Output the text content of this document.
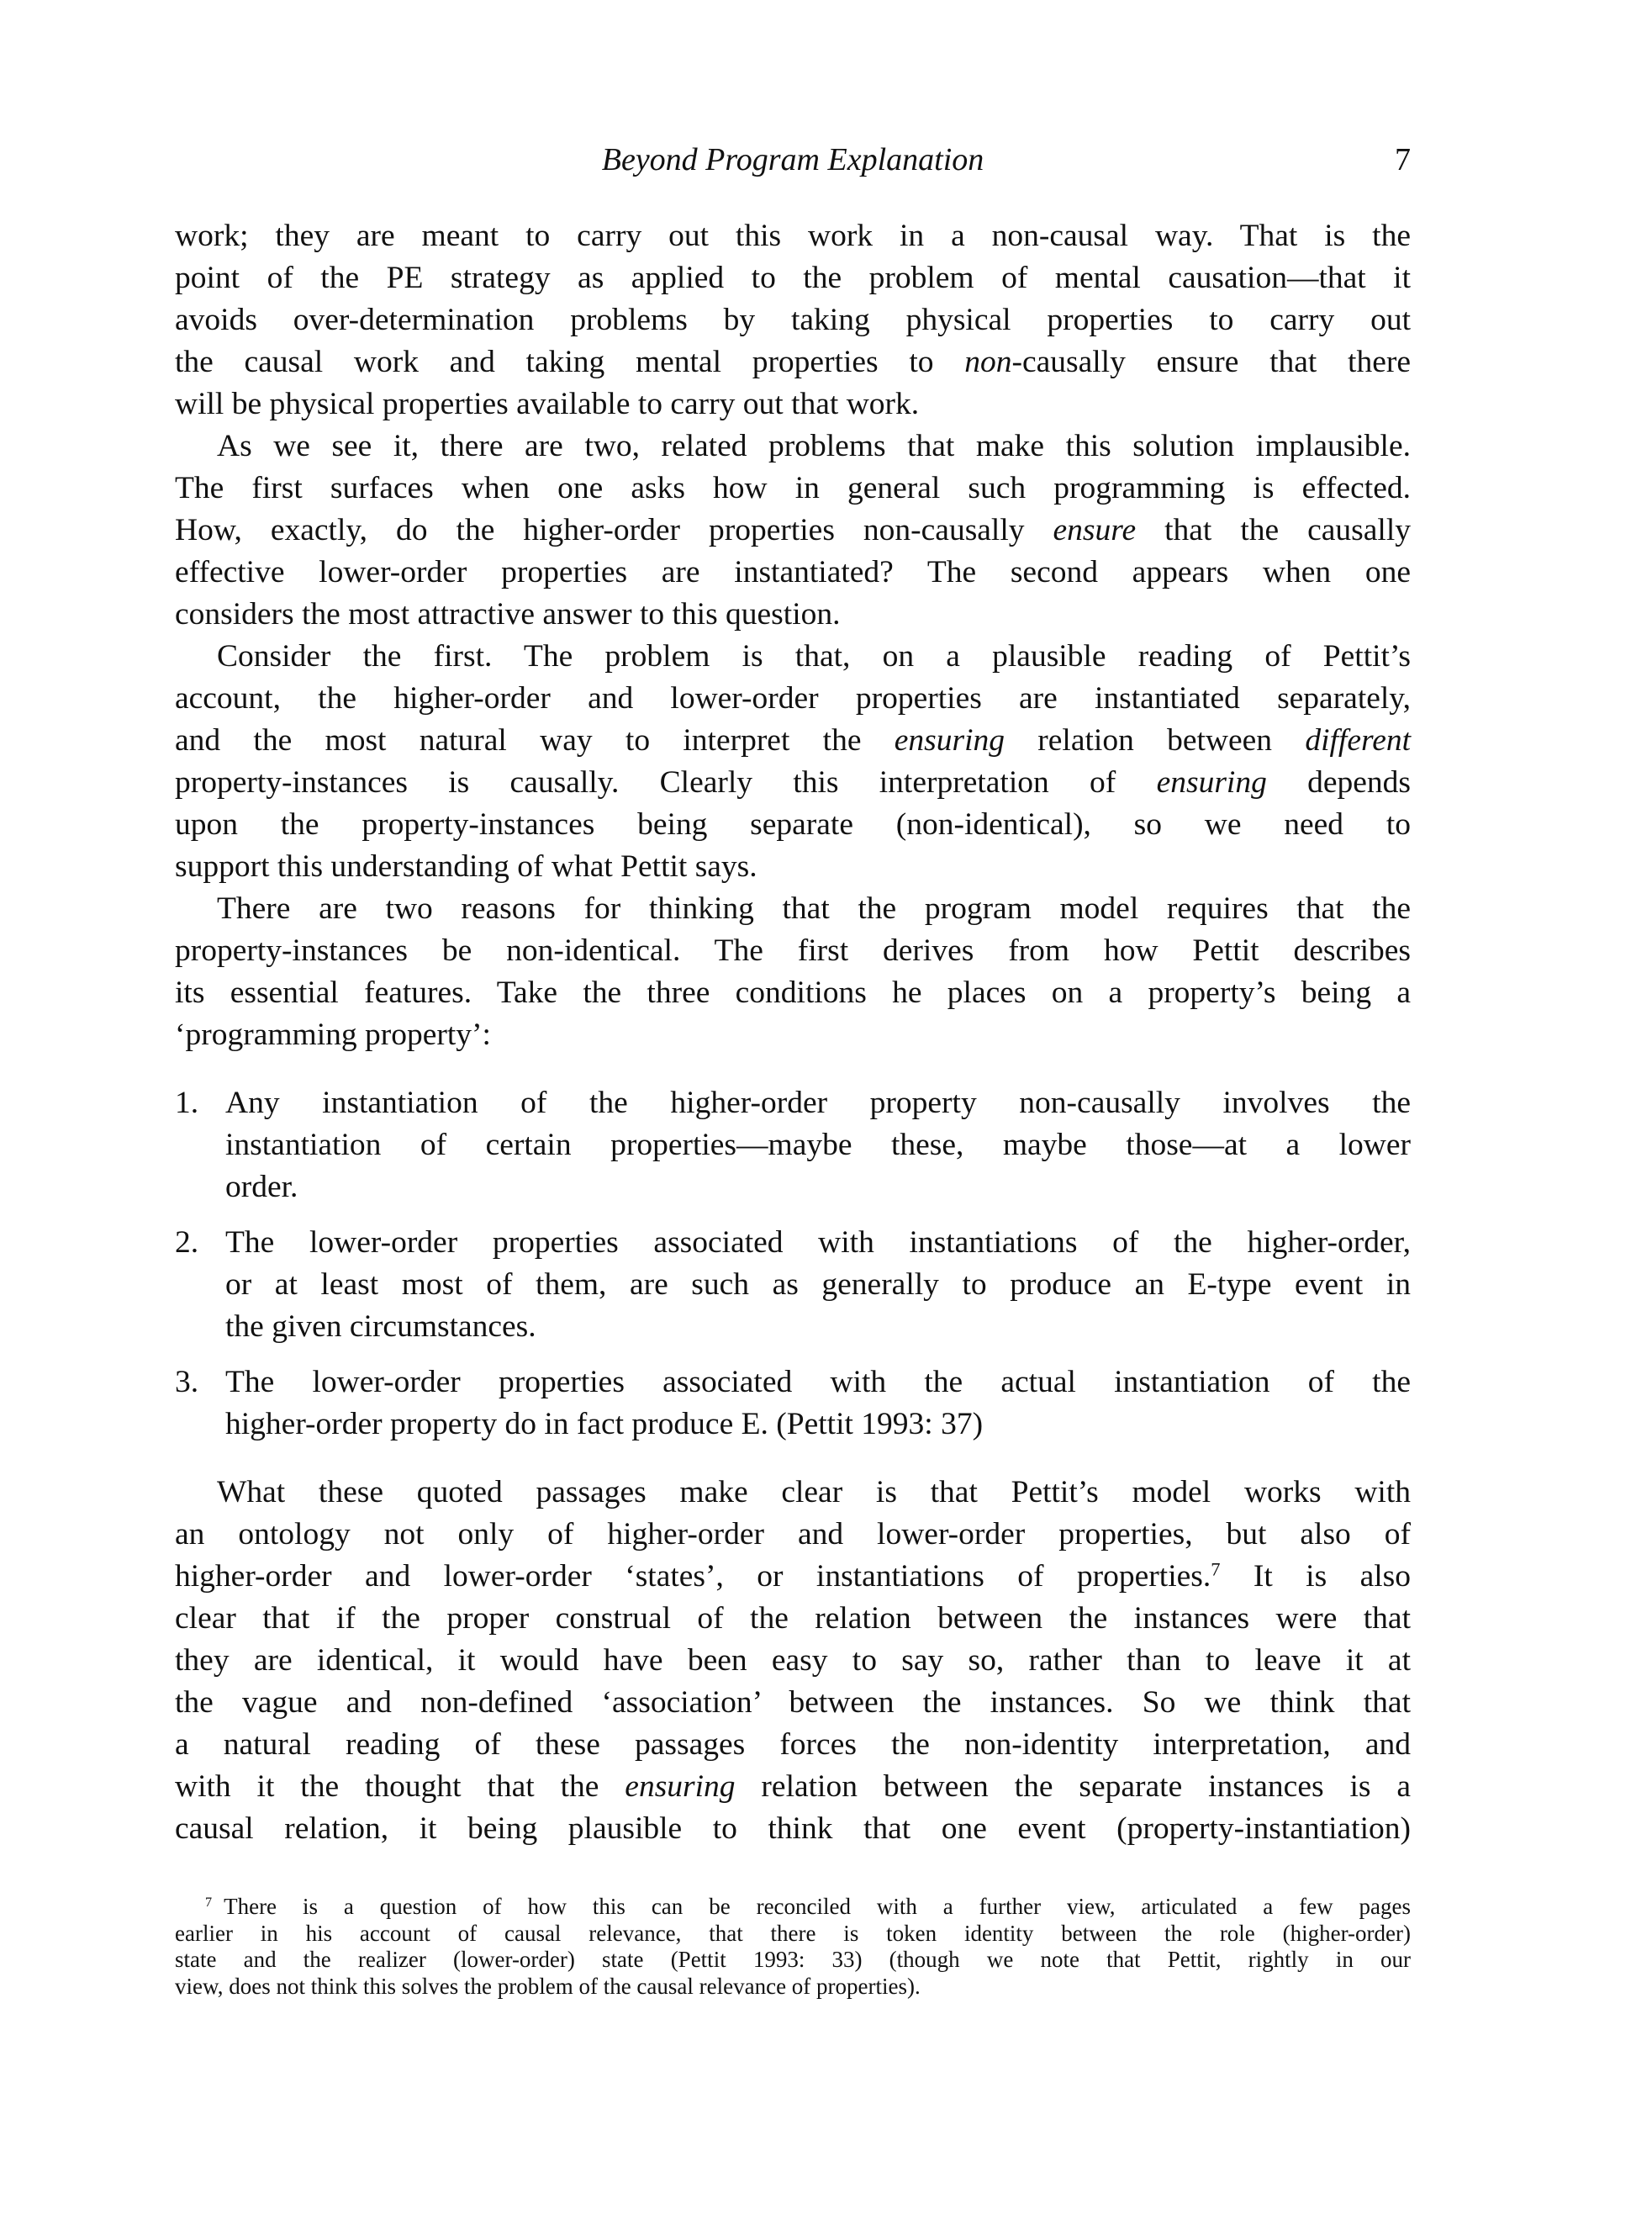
Beyond Program Explanation	7
work; they are meant to carry out this work in a non-causal way. That is the
point of the PE strategy as applied to the problem of mental causation—that it
avoids over-determination problems by taking physical properties to carry out
the causal work and taking mental properties to non-causally ensure that there
will be physical properties available to carry out that work.
As we see it, there are two, related problems that make this solution implausible.
The first surfaces when one asks how in general such programming is effected.
How, exactly, do the higher-order properties non-causally ensure that the causally
effective lower-order properties are instantiated? The second appears when one
considers the most attractive answer to this question.
Consider the first. The problem is that, on a plausible reading of Pettit’s
account, the higher-order and lower-order properties are instantiated separately,
and the most natural way to interpret the ensuring relation between different
property-instances is causally. Clearly this interpretation of ensuring depends
upon the property-instances being separate (non-identical), so we need to
support this understanding of what Pettit says.
There are two reasons for thinking that the program model requires that the
property-instances be non-identical. The first derives from how Pettit describes
its essential features. Take the three conditions he places on a property’s being a
‘programming property’:
1. Any instantiation of the higher-order property non-causally involves the
instantiation of certain properties—maybe these, maybe those—at a lower
order.
2. The lower-order properties associated with instantiations of the higher-order,
or at least most of them, are such as generally to produce an E-type event in
the given circumstances.
3. The lower-order properties associated with the actual instantiation of the
higher-order property do in fact produce E. (Pettit 1993: 37)
What these quoted passages make clear is that Pettit’s model works with
an ontology not only of higher-order and lower-order properties, but also of
higher-order and lower-order ‘states’, or instantiations of properties.$^7$ It is also
clear that if the proper construal of the relation between the instances were that
they are identical, it would have been easy to say so, rather than to leave it at
the vague and non-defined ‘association’ between the instances. So we think that
a natural reading of these passages forces the non-identity interpretation, and
with it the thought that the ensuring relation between the separate instances is a
causal relation, it being plausible to think that one event (property-instantiation)
$^7$ There is a question of how this can be reconciled with a further view, articulated a few pages
earlier in his account of causal relevance, that there is token identity between the role (higher-order)
state and the realizer (lower-order) state (Pettit 1993: 33) (though we note that Pettit, rightly in our
view, does not think this solves the problem of the causal relevance of properties).
